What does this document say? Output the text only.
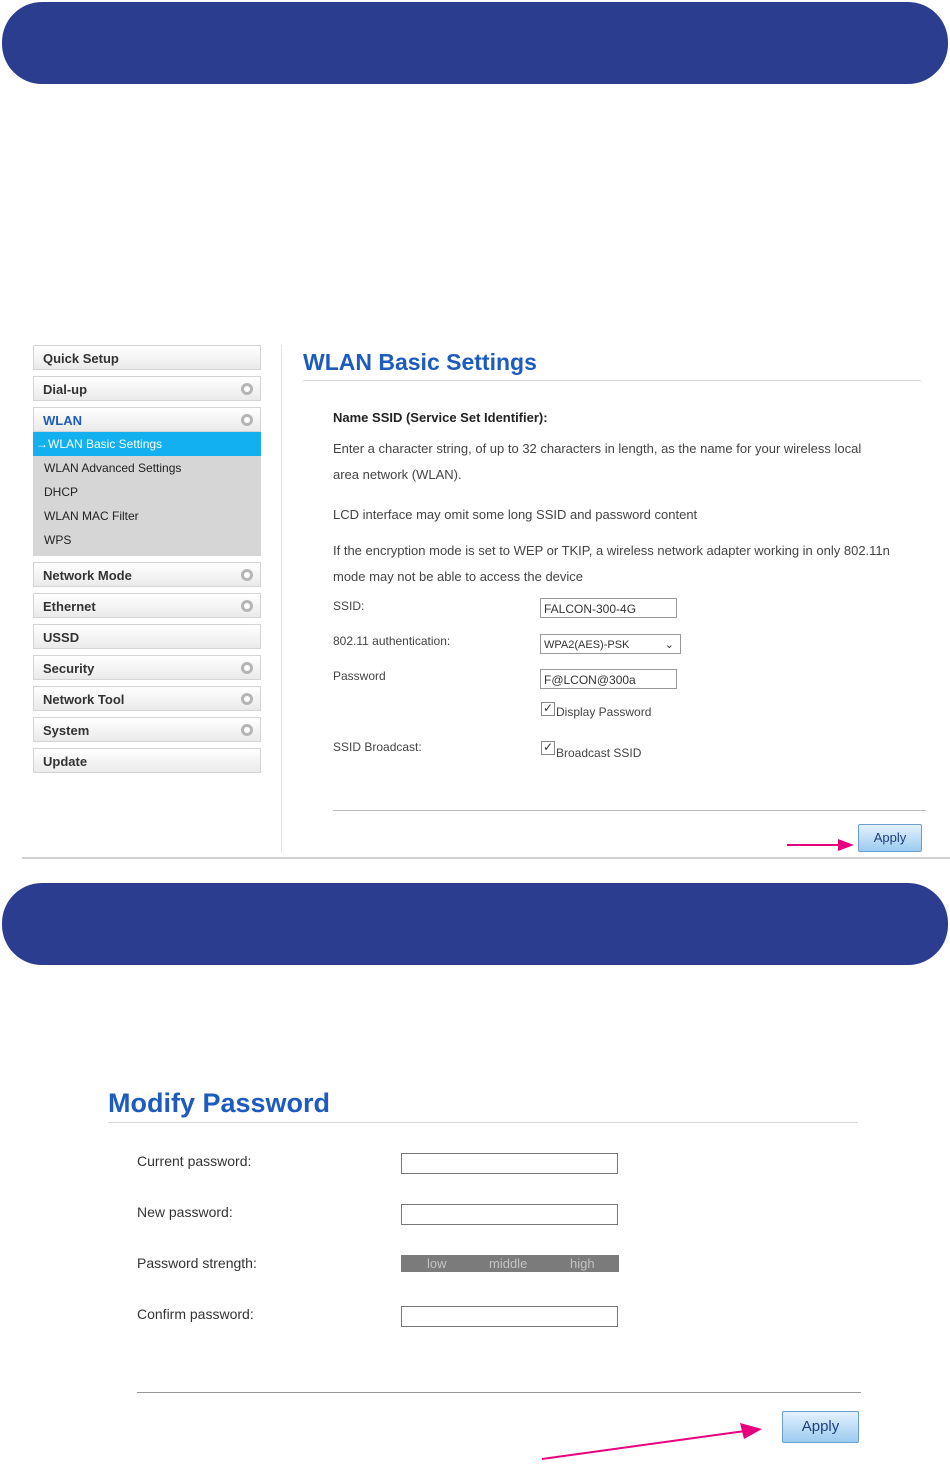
Quick Setup
Dial-up
WLAN
→WLAN Basic Settings
WLAN Advanced Settings
DHCP
WLAN MAC Filter
WPS
Network Mode
Ethernet
USSD
Security
Network Tool
System
Update
WLAN Basic Settings
Name SSID (Service Set Identifier):
Enter a character string, of up to 32 characters in length, as the name for your wireless local
area network (WLAN).
LCD interface may omit some long SSID and password content
If the encryption mode is set to WEP or TKIP, a wireless network adapter working in only 802.11n
mode may not be able to access the device
SSID:	FALCON-300-4G
802.11 authentication:	WPA2(AES)-PSK	⌄
Password	F@LCON@300a
✓ Display Password
SSID Broadcast:	✓ Broadcast SSID
Apply
Modify Password
Current password:
New password:
Password strength:	low	middle	high
Confirm password:
Apply
